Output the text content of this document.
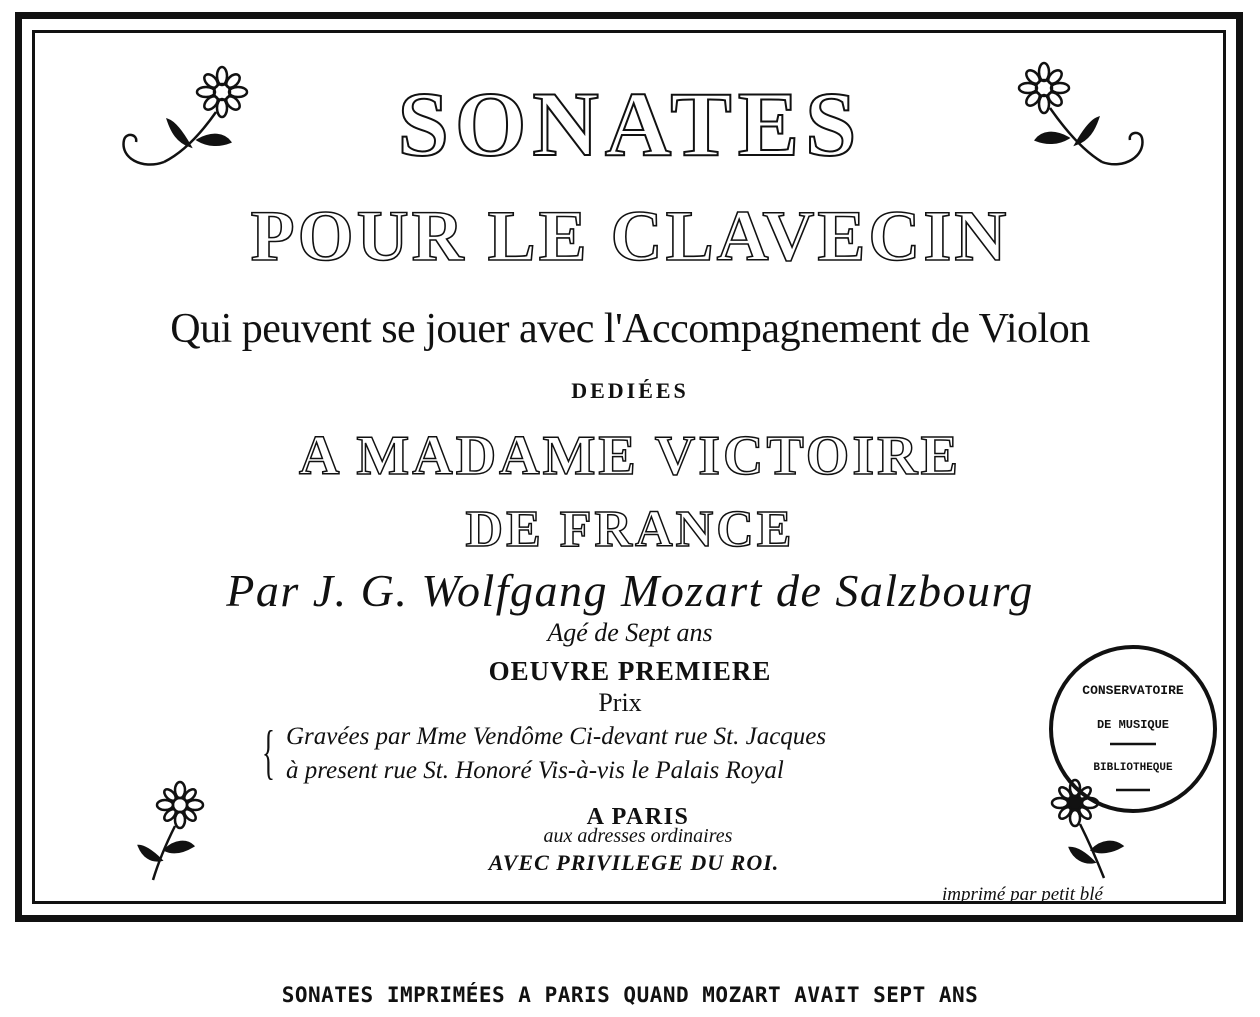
CONSERVATOIRE
DE MUSIQUE
BIBLIOTHEQUE
SONATES
POUR LE CLAVECIN
Qui peuvent se jouer avec l'Accompagnement de Violon
DEDIÉES
A MADAME VICTOIRE
DE FRANCE
Par J. G. Wolfgang Mozart de Salzbourg
Agé de Sept ans
OEUVRE PREMIERE
Prix
{ Gravées par Mme Vendôme Ci-devant rue St. Jacques
à present rue St. Honoré Vis-à-vis le Palais Royal
A PARIS
aux adresses ordinaires
AVEC PRIVILEGE DU ROI.
imprimé par petit blé
SONATES IMPRIMÉES A PARIS QUAND MOZART AVAIT SEPT ANS
